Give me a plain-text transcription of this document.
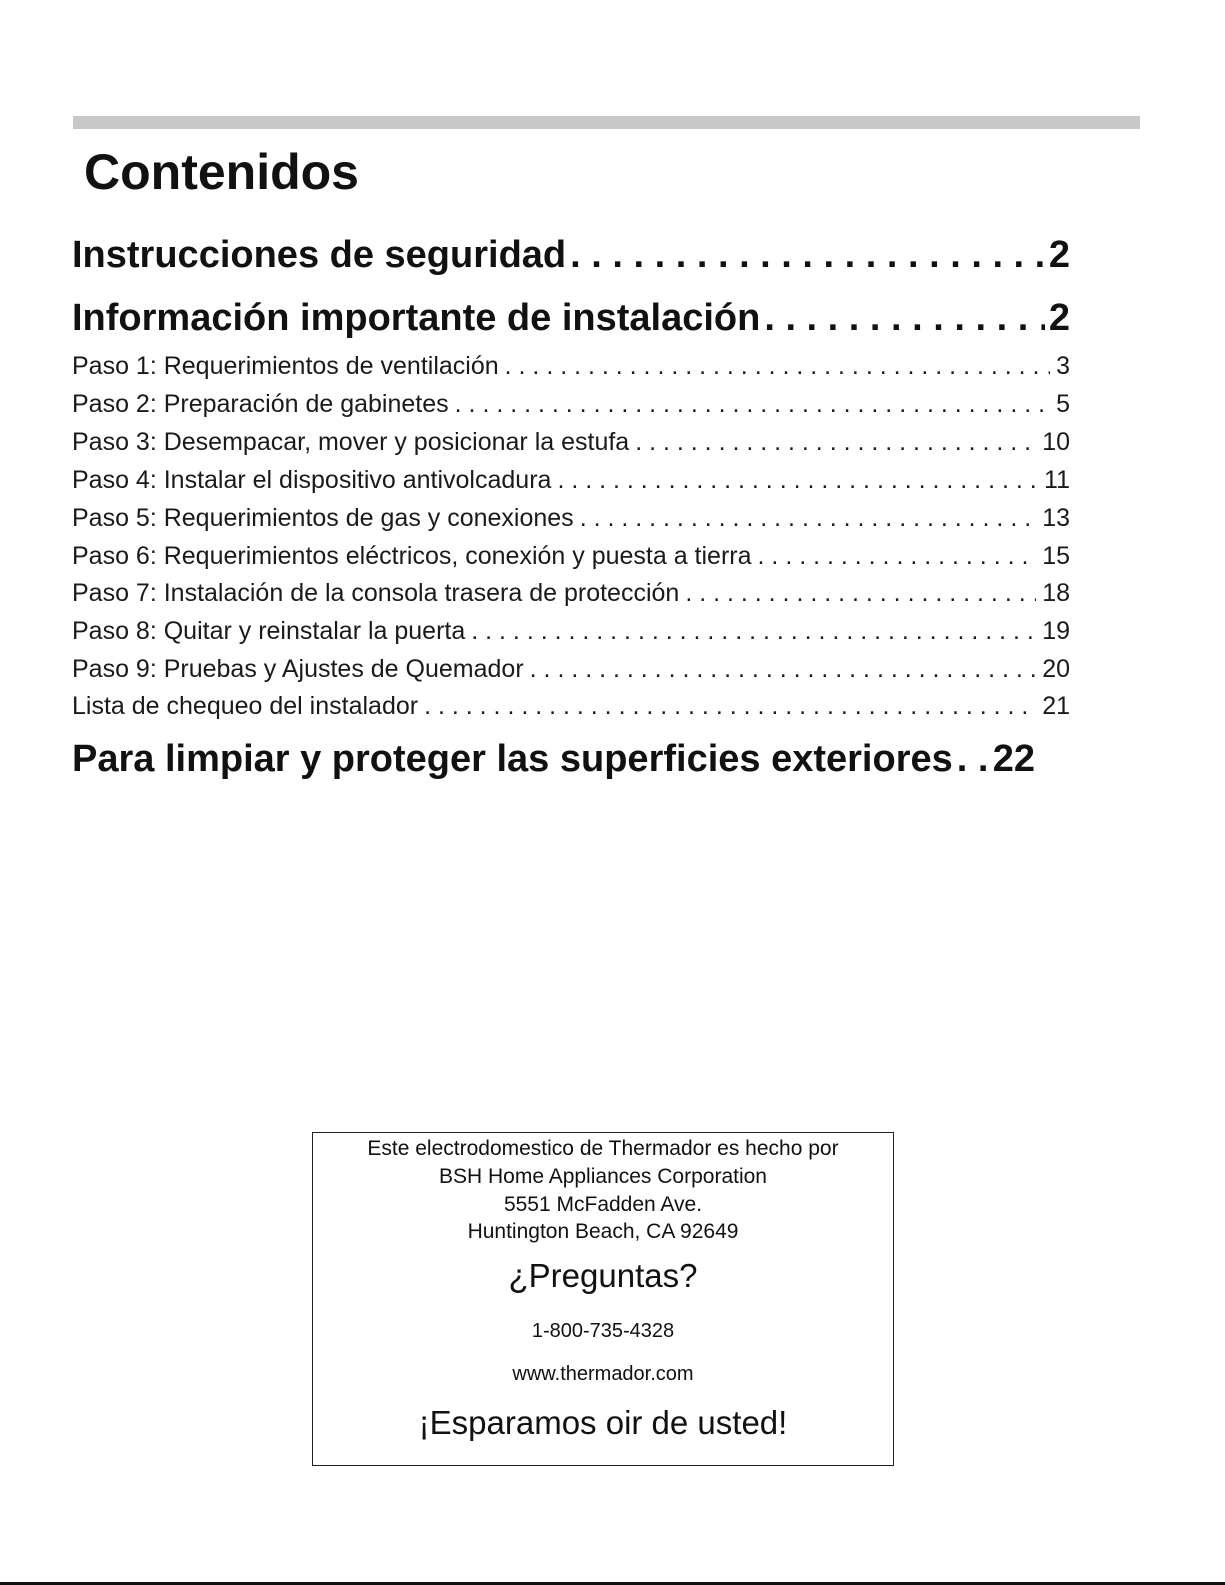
Contenidos
Instrucciones de seguridad . . .	2
Información importante de instalación . . .	2
Paso 1: Requerimientos de ventilación . . .	3
Paso 2: Preparación de gabinetes . . .	5
Paso 3: Desempacar, mover y posicionar la estufa . . .	10
Paso 4: Instalar el dispositivo antivolcadura . . .	11
Paso 5: Requerimientos de gas y conexiones . . .	13
Paso 6: Requerimientos eléctricos, conexión y puesta a tierra . . .	15
Paso 7: Instalación de la consola trasera de protección . . .	18
Paso 8: Quitar y reinstalar la puerta . . .	19
Paso 9: Pruebas y Ajustes de Quemador . . .	20
Lista de chequeo del instalador . . .	21
Para limpiar y proteger las superficies exteriores . . . 22
Este electrodomestico de Thermador es hecho por
BSH Home Appliances Corporation
5551 McFadden Ave.
Huntington Beach, CA 92649
¿Preguntas?
1-800-735-4328
www.thermador.com
¡Esparamos oir de usted!
